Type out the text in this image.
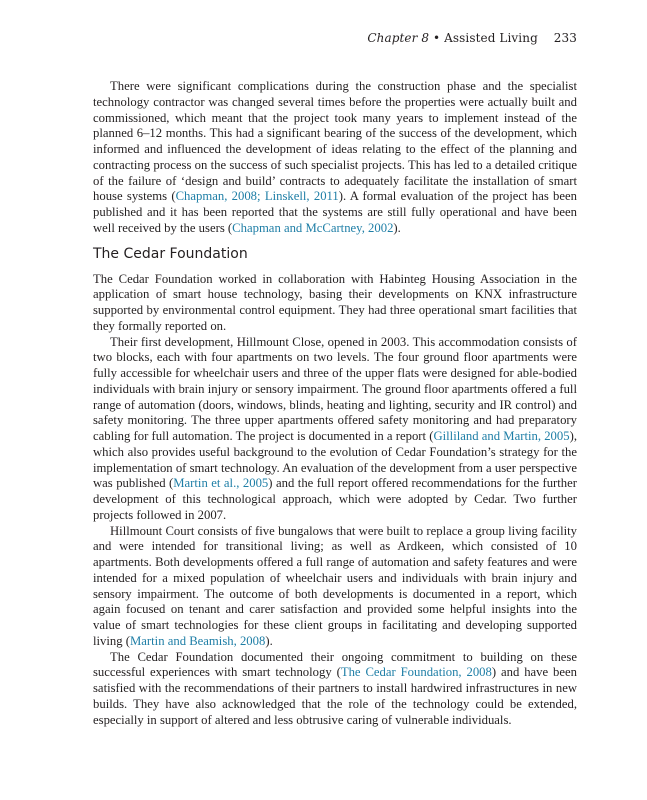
Chapter 8 • Assisted Living 233

There were significant complications during the construction phase and the specialist technology contractor was changed several times before the properties were actually built and commissioned, which meant that the project took many years to implement instead of the planned 6–12 months. This had a significant bearing of the success of the development, which informed and influenced the development of ideas relating to the effect of the planning and contracting process on the success of such specialist projects. This has led to a detailed critique of the failure of ‘design and build’ contracts to adequately facilitate the installation of smart house systems (Chapman, 2008; Linskell, 2011). A formal evaluation of the project has been published and it has been reported that the systems are still fully operational and have been well received by the users (Chapman and McCartney, 2002).

The Cedar Foundation

The Cedar Foundation worked in collaboration with Habinteg Housing Association in the application of smart house technology, basing their developments on KNX infrastructure supported by environmental control equipment. They had three operational smart facilities that they formally reported on.

Their first development, Hillmount Close, opened in 2003. This accommodation consists of two blocks, each with four apartments on two levels. The four ground floor apartments were fully accessible for wheelchair users and three of the upper flats were designed for able-bodied individuals with brain injury or sensory impairment. The ground floor apartments offered a full range of automation (doors, windows, blinds, heating and lighting, security and IR control) and safety monitoring. The three upper apartments offered safety monitoring and had preparatory cabling for full automation. The project is documented in a report (Gilliland and Martin, 2005), which also provides useful background to the evolution of Cedar Foundation’s strategy for the implementation of smart technology. An evaluation of the development from a user perspective was published (Martin et al., 2005) and the full report offered recommendations for the further development of this technological approach, which were adopted by Cedar. Two further projects followed in 2007.

Hillmount Court consists of five bungalows that were built to replace a group living facility and were intended for transitional living; as well as Ardkeen, which consisted of 10 apartments. Both developments offered a full range of automation and safety features and were intended for a mixed population of wheelchair users and individuals with brain injury and sensory impairment. The outcome of both developments is documented in a report, which again focused on tenant and carer satisfaction and provided some helpful insights into the value of smart technologies for these client groups in facilitating and developing supported living (Martin and Beamish, 2008).

The Cedar Foundation documented their ongoing commitment to building on these successful experiences with smart technology (The Cedar Foundation, 2008) and have been satisfied with the recommendations of their partners to install hardwired infrastructures in new builds. They have also acknowledged that the role of the technology could be extended, especially in support of altered and less obtrusive caring of vulnerable individuals.
